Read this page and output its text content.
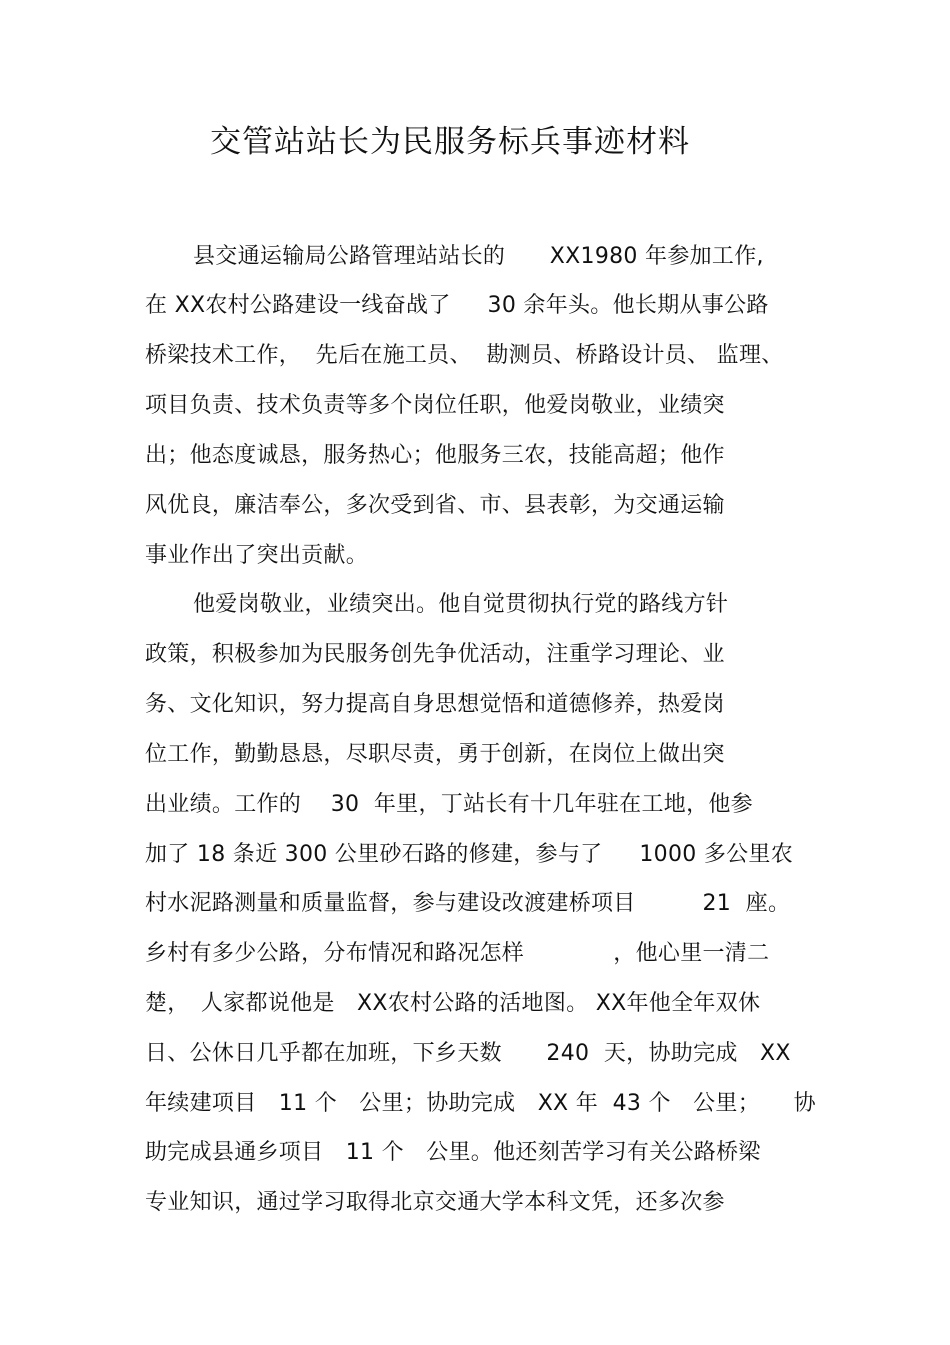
交管站站长为民服务标兵事迹材料
县交通运输局公路管理站站长的　　XX1980 年参加工作,
在 XX农村公路建设一线奋战了　  30 余年头。他长期从事公路
桥梁技术工作，  先后在施工员、  勘测员、桥路设计员、 监理、
项目负责、技术负责等多个岗位任职，他爱岗敬业，业绩突
出；他态度诚恳，服务热心；他服务三农，技能高超；他作
风优良，廉洁奉公，多次受到省、市、县表彰，为交通运输
事业作出了突出贡献。
他爱岗敬业，业绩突出。他自觉贯彻执行党的路线方针
政策，积极参加为民服务创先争优活动，注重学习理论、业
务、文化知识，努力提高自身思想觉悟和道德修养，热爱岗
位工作，勤勤恳恳，尽职尽责，勇于创新，在岗位上做出突
出业绩。工作的　 30  年里，丁站长有十几年驻在工地，他参
加了 18 条近 300 公里砂石路的修建，参与了　  1000 多公里农
村水泥路测量和质量监督，参与建设改渡建桥项目　　　21  座。
乡村有多少公路，分布情况和路况怎样　　　　，他心里一清二
楚，　人家都说他是　XX农村公路的活地图。 XX年他全年双休
日、公休日几乎都在加班，下乡天数　　240  天，协助完成　XX
年续建项目　11 个　公里；协助完成　XX 年  43 个　公里；　　协
助完成县通乡项目　11 个　公里。他还刻苦学习有关公路桥梁
专业知识，通过学习取得北京交通大学本科文凭，还多次参
